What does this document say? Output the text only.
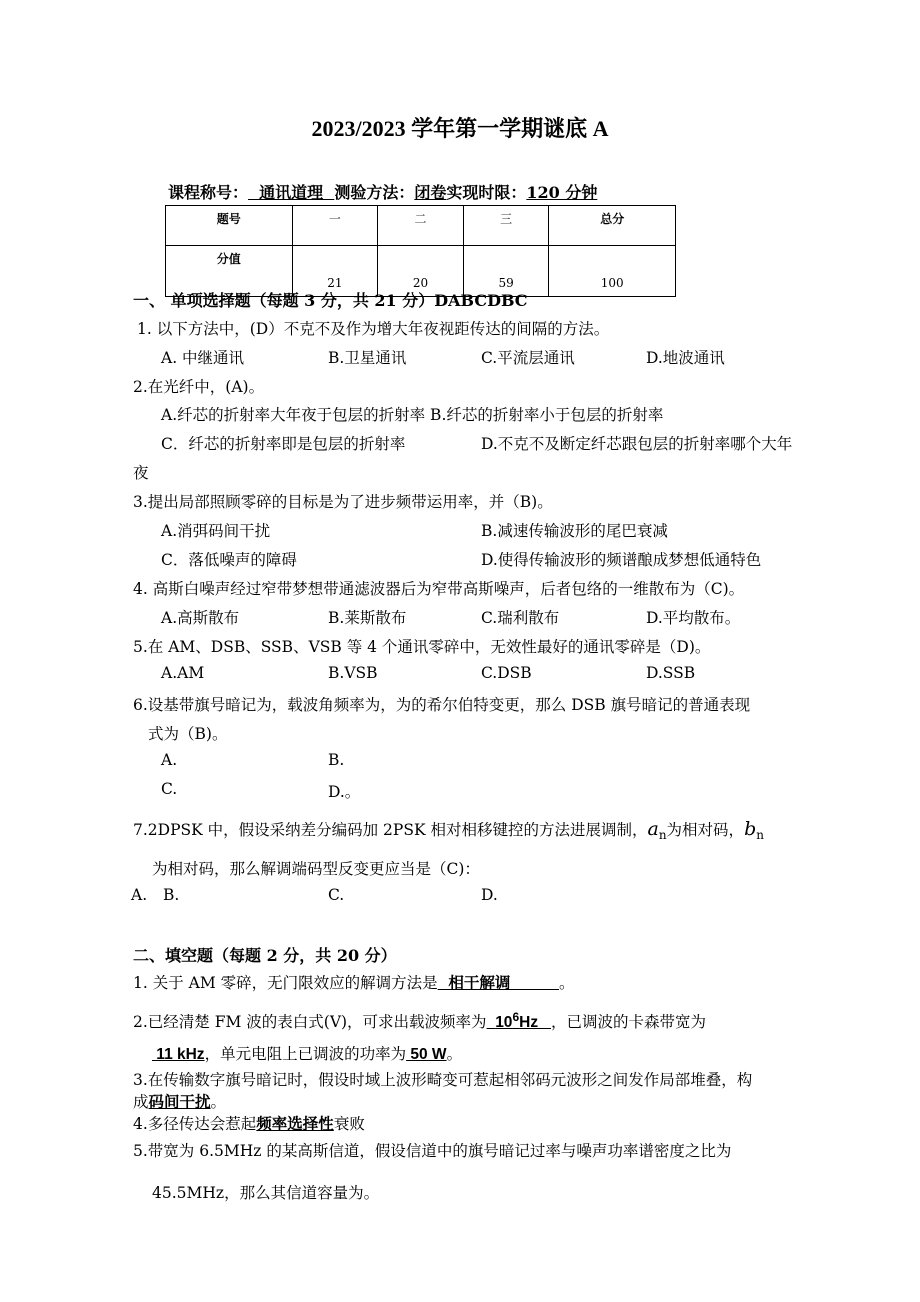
2023/2023 学年第一学期谜底 A
课程称号：  通讯道理  测验方法：闭卷实现时限：120 分钟
题号	一	二	三	总分
分值	21	20	59	100
一、 单项选择题（每题 3 分，共 21 分）DABCDBC
1. 以下方法中，(D）不克不及作为增大年夜视距传达的间隔的方法。
A. 中继通讯	B.卫星通讯	C.平流层通讯	D.地波通讯
2.在光纤中，(A)。
A.纤芯的折射率大年夜于包层的折射率 B.纤芯的折射率小于包层的折射率
C．纤芯的折射率即是包层的折射率	D.不克不及断定纤芯跟包层的折射率哪个大年
夜
3.提出局部照顾零碎的目标是为了进步频带运用率，并（B)。
A.消弭码间干扰	B.减速传输波形的尾巴衰减
C．落低噪声的障碍	D.使得传输波形的频谱酿成梦想低通特色
4. 高斯白噪声经过窄带梦想带通滤波器后为窄带高斯噪声，后者包络的一维散布为（C)。
A.高斯散布	B.莱斯散布	C.瑞利散布	D.平均散布。
5.在 AM、DSB、SSB、VSB 等 4 个通讯零碎中，无效性最好的通讯零碎是（D)。
A.AM	B.VSB	C.DSB	D.SSB
6.设基带旗号暗记为，载波角频率为，为的希尔伯特变更，那么 DSB 旗号暗记的普通表现
式为（B)。
A.	B.
C.	D.。
7.2DPSK 中，假设采纳差分编码加 2PSK 相对相移键控的方法进展调制，$a_n$为相对码，$b_n$
为相对码，那么解调端码型反变更应当是（C)：
A. B.	C.	D.
二、填空题（每题 2 分，共 20 分）
1. 关于 AM 零碎，无门限效应的解调方法是  相干解调         。
2.已经清楚 FM 波的表白式(V)，可求出载波频率为 $10^6Hz$   ，已调波的卡森带宽为
11 kHz，单元电阻上已调波的功率为 50 W。
3.在传输数字旗号暗记时，假设时域上波形畸变可惹起相邻码元波形之间发作局部堆叠，构
成码间干扰。
4.多径传达会惹起频率选择性衰败
5.带宽为 6.5MHz 的某高斯信道，假设信道中的旗号暗记过率与噪声功率谱密度之比为
45.5MHz，那么其信道容量为。
